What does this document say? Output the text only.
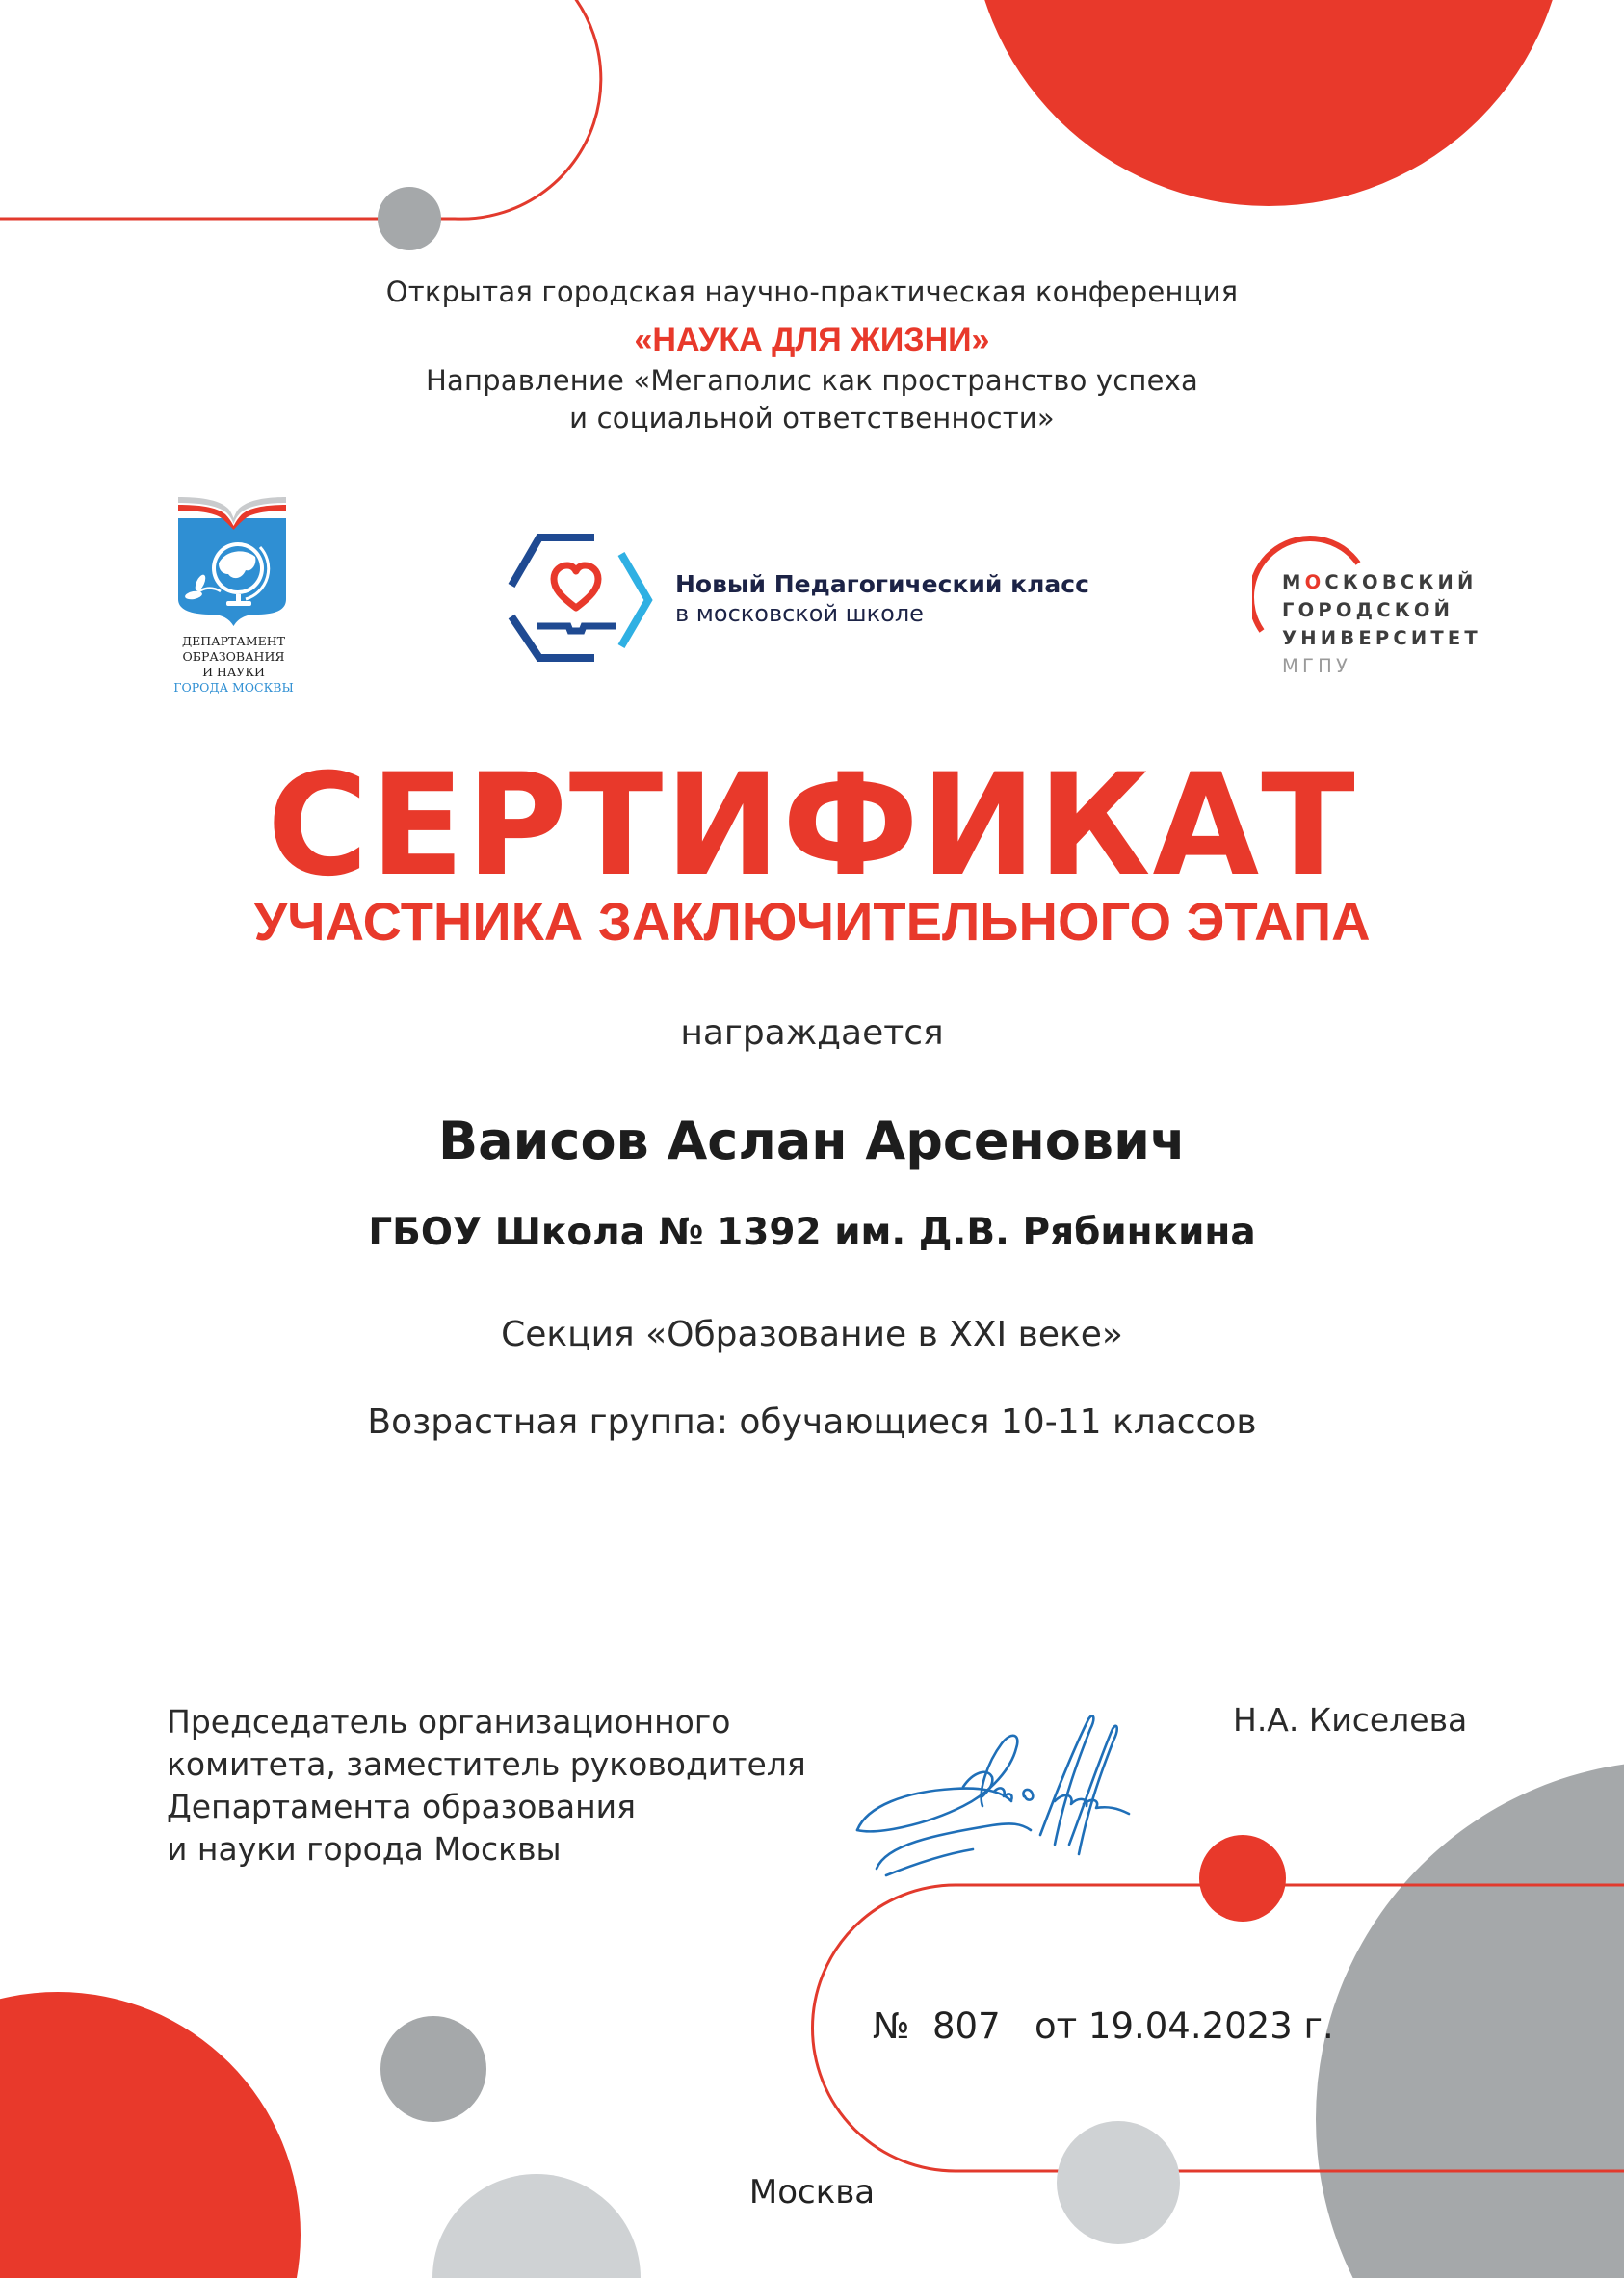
Открытая городская научно-практическая конференция
«НАУКА ДЛЯ ЖИЗНИ»
Направление «Мегаполис как пространство успеха
и социальной ответственности»
ДЕПАРТАМЕНТ
ОБРАЗОВАНИЯ
И НАУКИ
ГОРОДА МОСКВЫ
Новый Педагогический класс
в московской школе
МОСКОВСКИЙ
ГОРОДСКОЙ
УНИВЕРСИТЕТ
МГПУ
СЕРТИФИКАТ
УЧАСТНИКА ЗАКЛЮЧИТЕЛЬНОГО ЭТАПА
награждается
Ваисов Аслан Арсенович
ГБОУ Школа № 1392 им. Д.В. Рябинкина
Секция «Образование в XXI веке»
Возрастная группа: обучающиеся 10-11 классов
Председатель организационного
комитета, заместитель руководителя
Департамента образования
и науки города Москвы
Н.А. Киселева
№ 807 от 19.04.2023 г.
Москва
